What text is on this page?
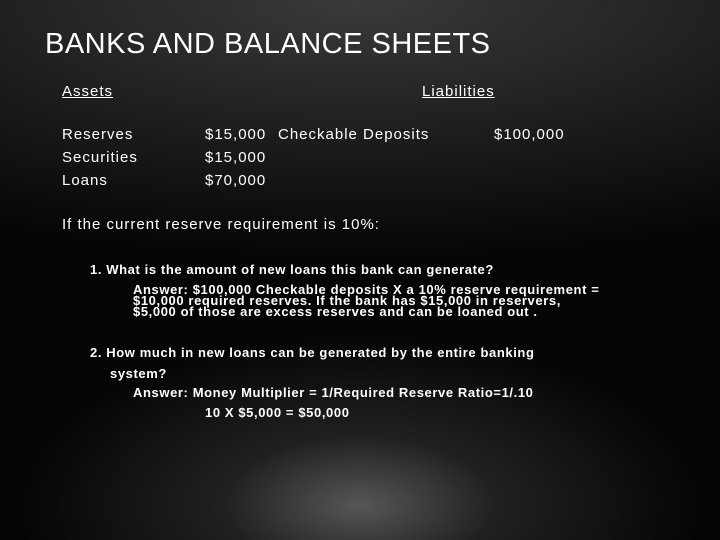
BANKS AND BALANCE SHEETS
Assets	Liabilities
Reserves	$15,000 Checkable Deposits	$100,000
Securities	$15,000
Loans	$70,000
If the current reserve requirement is 10%:
1. What is the amount of new loans this bank can generate?
Answer: $100,000 Checkable deposits X a 10% reserve requirement =
$10,000 required reserves. If the bank has $15,000 in reservers,
$5,000 of those are excess reserves and can be loaned out .
2. How much in new loans can be generated by the entire banking
system?
Answer: Money Multiplier = 1/Required Reserve Ratio=1/.10
10 X $5,000 = $50,000
